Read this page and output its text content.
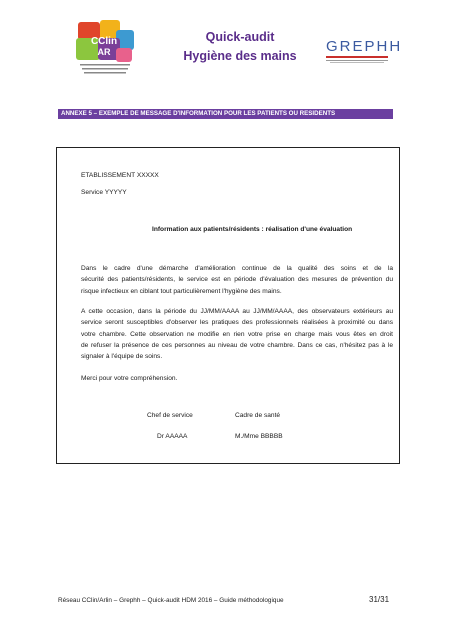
CClin
AR
Quick-audit
Hygiène des mains
GREPHH
ANNEXE 5 – EXEMPLE DE MESSAGE D'INFORMATION POUR LES PATIENTS OU RESIDENTS
ETABLISSEMENT XXXXX
Service YYYYY
Information aux patients/résidents : réalisation d'une évaluation
Dans le cadre d'une démarche d'amélioration continue de la qualité des soins et de la
sécurité des patients/résidents, le service est en période d'évaluation des mesures de prévention du
risque infectieux en ciblant tout particulièrement l'hygiène des mains.
A cette occasion, dans la période du JJ/MM/AAAA au JJ/MM/AAAA, des observateurs extérieurs au
service seront susceptibles d'observer les pratiques des professionnels réalisées à proximité ou dans
votre chambre. Cette observation ne modifie en rien votre prise en charge mais vous êtes en droit
de refuser la présence de ces personnes au niveau de votre chambre. Dans ce cas, n'hésitez pas à le
signaler à l'équipe de soins.
Merci pour votre compréhension.
Chef de service	Cadre de santé
Dr AAAAA	M./Mme BBBBB
Réseau CClin/Arlin – Grephh – Quick-audit HDM 2016 – Guide méthodologique	31/31
